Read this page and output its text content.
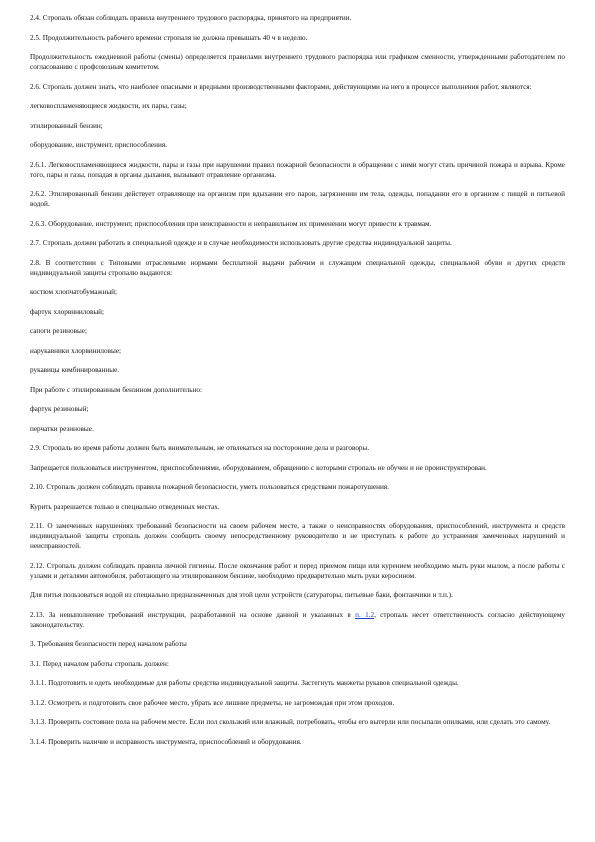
2.4. Стропаль обязан соблюдать правила внутреннего трудового распорядка, принятого на предприятии.

2.5. Продолжительность рабочего времени стропаля не должна превышать 40 ч в неделю.

Продолжительность ежедневной работы (смены) определяется правилами внутреннего трудового распорядка или графиком сменности, утвержденными работодателем по согласованию с профсоюзным комитетом.

2.6. Стропаль должен знать, что наиболее опасными и вредными производственными факторами, действующими на него в процессе выполнения работ, являются:

легковоспламеняющиеся жидкости, их пары, газы;

этилированный бензин;

оборудование, инструмент, приспособления.

2.6.1. Легковоспламеняющиеся жидкости, пары и газы при нарушении правил пожарной безопасности в обращении с ними могут стать причиной пожара и взрыва. Кроме того, пары и газы, попадая в органы дыхания, вызывают отравление организма.

2.6.2. Этилированный бензин действует отравляюще на организм при вдыхании его паров, загрязнении им тела, одежды, попадании его в организм с пищей и питьевой водой.

2.6.3. Оборудование, инструмент, приспособления при неисправности и неправильном их применении могут привести к травмам.

2.7. Стропаль должен работать в специальной одежде и в случае необходимости использовать другие средства индивидуальной защиты.

2.8. В соответствии с Типовыми отраслевыми нормами бесплатной выдачи рабочим и служащим специальной одежды, специальной обуви и других средств индивидуальной защиты стропалю выдаются:

костюм хлопчатобумажный;

фартук хлорвиниловый;

сапоги резиновые;

нарукавники хлорвиниловые;

рукавицы комбинированные.

При работе с этилированным бензином дополнительно:

фартук резиновый;

перчатки резиновые.

2.9. Стропаль во время работы должен быть внимательным, не отвлекаться на посторонние дела и разговоры.

Запрещается пользоваться инструментом, приспособлениями, оборудованием, обращению с которыми стропаль не обучен и не проинструктирован.

2.10. Стропаль должен соблюдать правила пожарной безопасности, уметь пользоваться средствами пожаротушения.

Курить разрешается только в специально отведенных местах.

2.11. О замеченных нарушениях требований безопасности на своем рабочем месте, а также о неисправностях оборудования, приспособлений, инструмента и средств индивидуальной защиты стропаль должен сообщить своему непосредственному руководителю и не приступать к работе до устранения замеченных нарушений и неисправностей.

2.12. Стропаль должен соблюдать правила личной гигиены. После окончания работ и перед приемом пищи или курением необходимо мыть руки мылом, а после работы с узлами и деталями автомобиля, работающего на этилированном бензине, необходимо предварительно мыть руки керосином.

Для питья пользоваться водой из специально предназначенных для этой цели устройств (сатураторы, питьевые баки, фонтанчики и т.п.).

2.13. За невыполнение требований инструкции, разработанной на основе данной и указанных в п. 1.2, стропаль несет ответственность согласно действующему законодательству.

3. Требования безопасности перед началом работы

3.1. Перед началом работы стропаль должен:

3.1.1. Подготовить и одеть необходимые для работы средства индивидуальной защиты. Застегнуть манжеты рукавов специальной одежды.

3.1.2. Осмотреть и подготовить свое рабочее место, убрать все лишние предметы, не загромождая при этом проходов.

3.1.3. Проверить состояние пола на рабочем месте. Если пол скользкий или влажный, потребовать, чтобы его вытерли или посыпали опилками, или сделать это самому.

3.1.4. Проверить наличие и исправность инструмента, приспособлений и оборудования.
